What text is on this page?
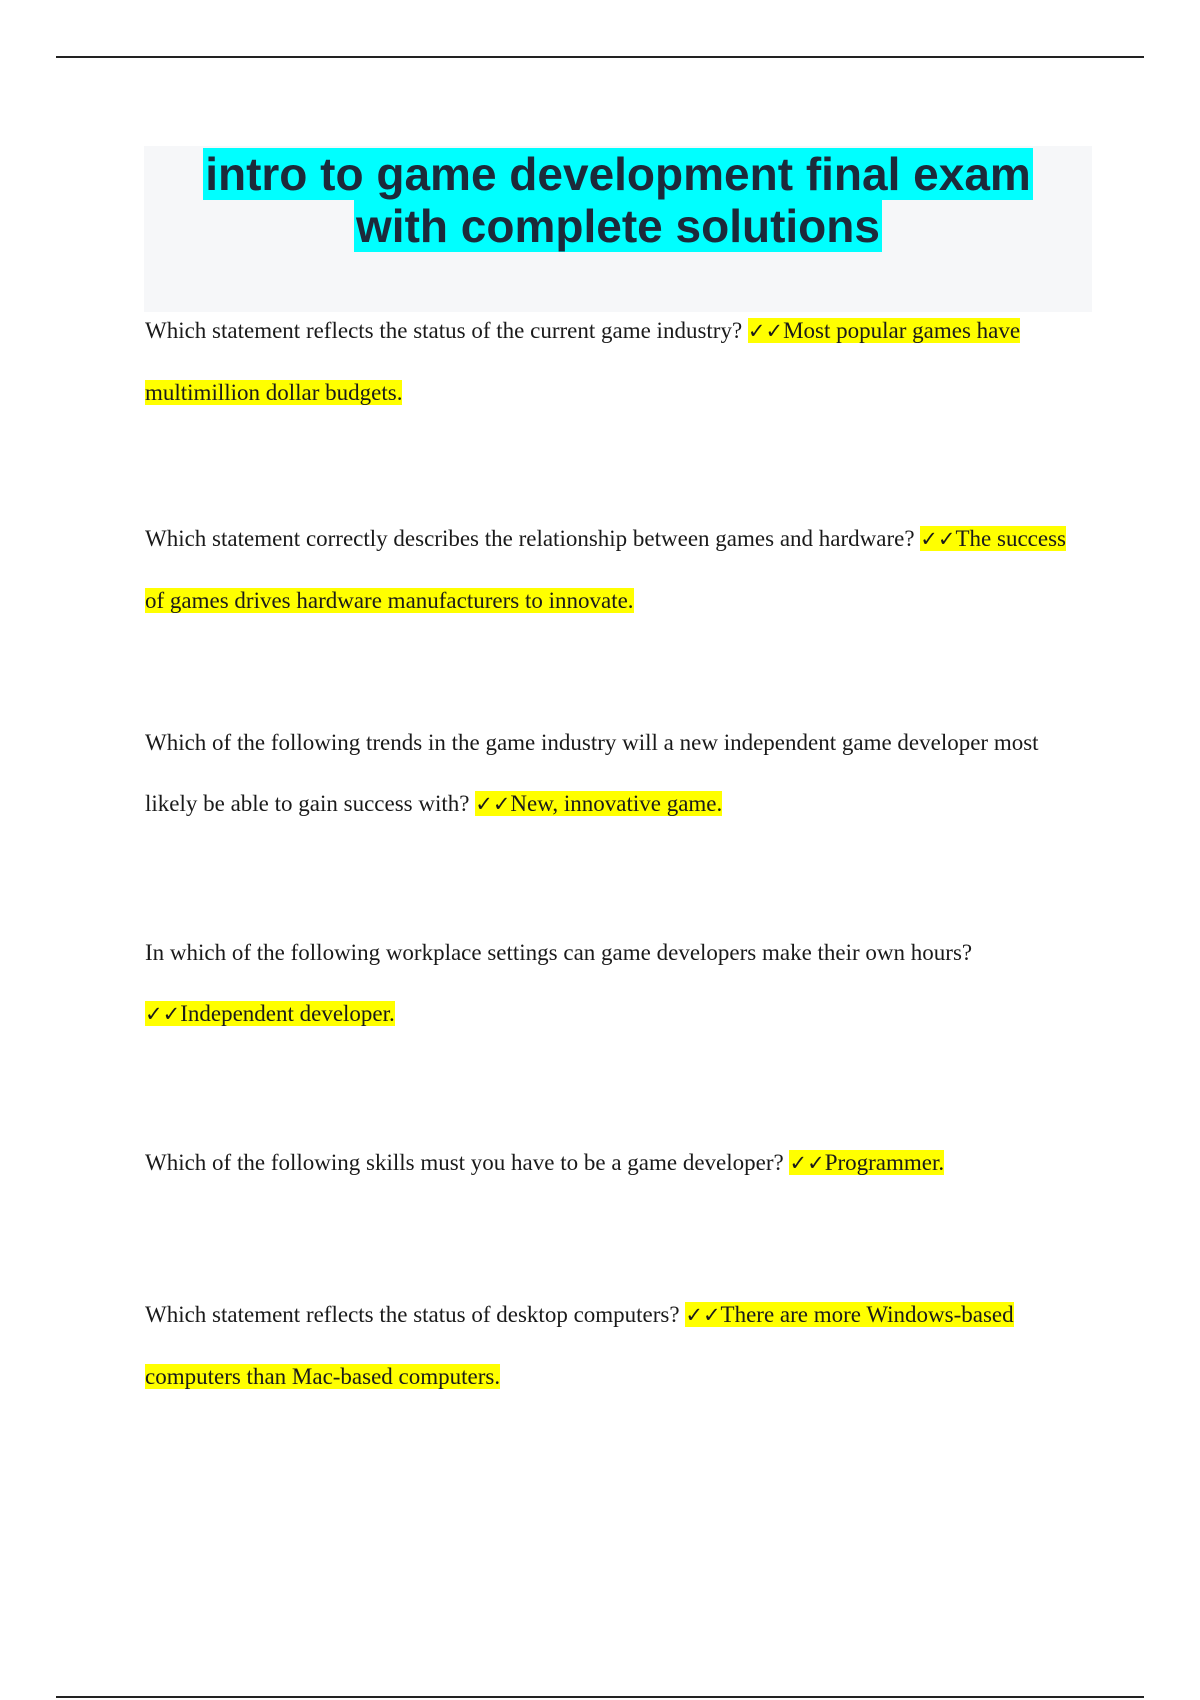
intro to game development final exam
with complete solutions

Which statement reflects the status of the current game industry? ✓✓Most popular games have multimillion dollar budgets.

Which statement correctly describes the relationship between games and hardware? ✓✓The success of games drives hardware manufacturers to innovate.

Which of the following trends in the game industry will a new independent game developer most likely be able to gain success with? ✓✓New, innovative game.

In which of the following workplace settings can game developers make their own hours? ✓✓Independent developer.

Which of the following skills must you have to be a game developer? ✓✓Programmer.

Which statement reflects the status of desktop computers? ✓✓There are more Windows-based computers than Mac-based computers.
